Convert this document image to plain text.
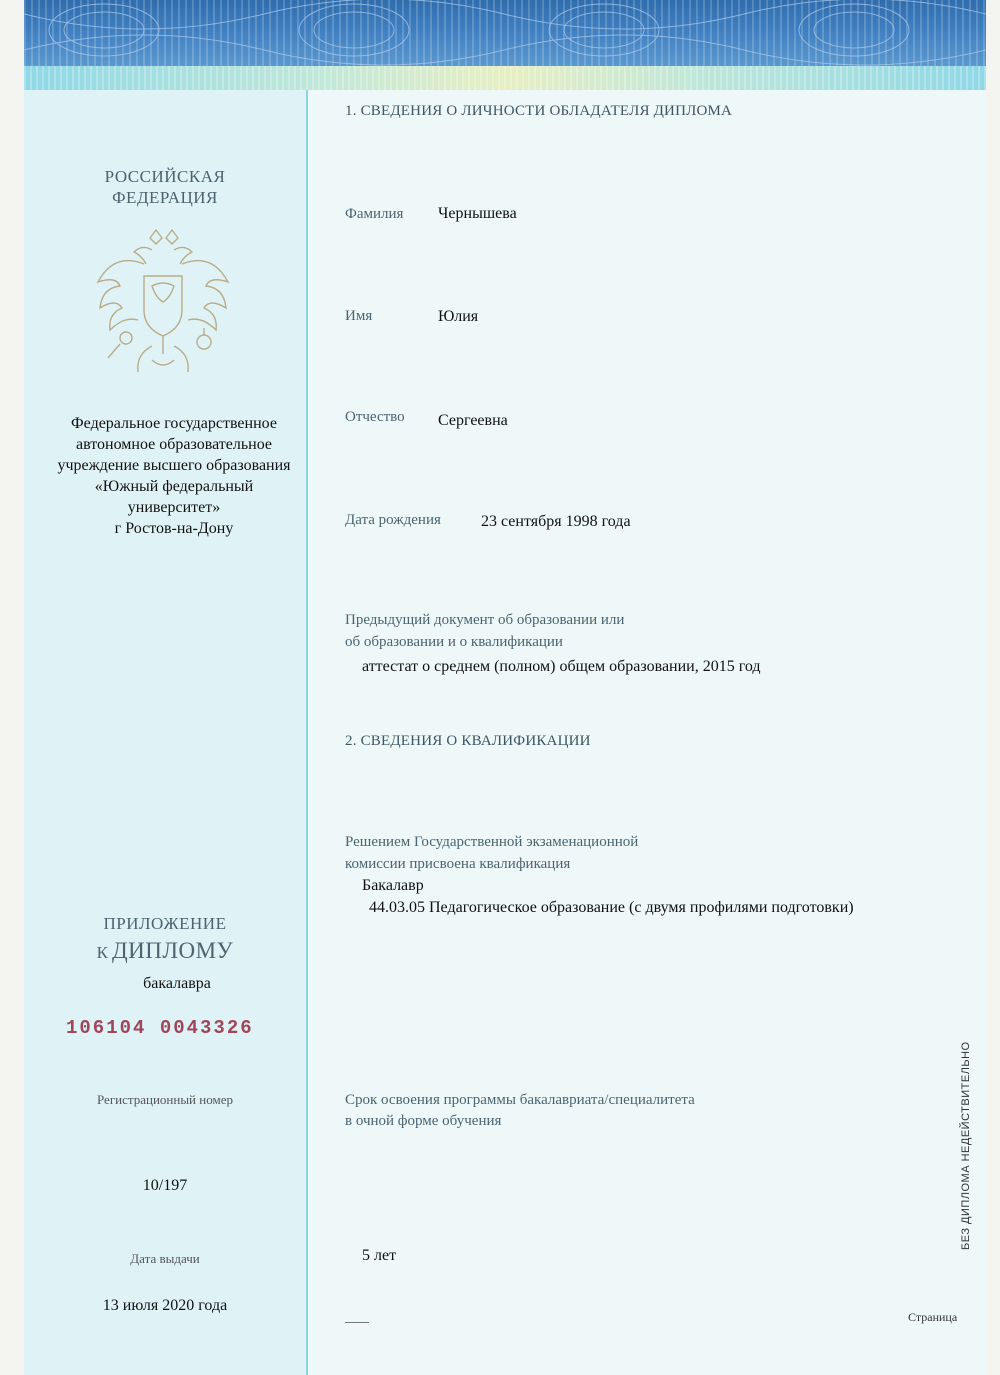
РОССИЙСКАЯ
ФЕДЕРАЦИЯ
Федеральное государственное
автономное образовательное
учреждение высшего образования
«Южный федеральный
университет»
г Ростов-на-Дону
ПРИЛОЖЕНИЕ
К ДИПЛОМУ
бакалавра
106104 0043326
Регистрационный номер
10/197
Дата выдачи
13 июля 2020 года
1. СВЕДЕНИЯ О ЛИЧНОСТИ ОБЛАДАТЕЛЯ ДИПЛОМА
Фамилия Чернышева
Имя	Юлия
Отчество Сергеевна
Дата рождения	23 сентября 1998 года
Предыдущий документ об образовании или
об образовании и о квалификации
аттестат о среднем (полном) общем образовании, 2015 год
2. СВЕДЕНИЯ О КВАЛИФИКАЦИИ
Решением Государственной экзаменационной
комиссии присвоена квалификация
Бакалавр
44.03.05 Педагогическое образование (с двумя профилями подготовки)
Срок освоения программы бакалавриата/специалитета
в очной форме обучения
5 лет
Страница
БЕЗ ДИПЛОМА НЕДЕЙСТВИТЕЛЬНО
